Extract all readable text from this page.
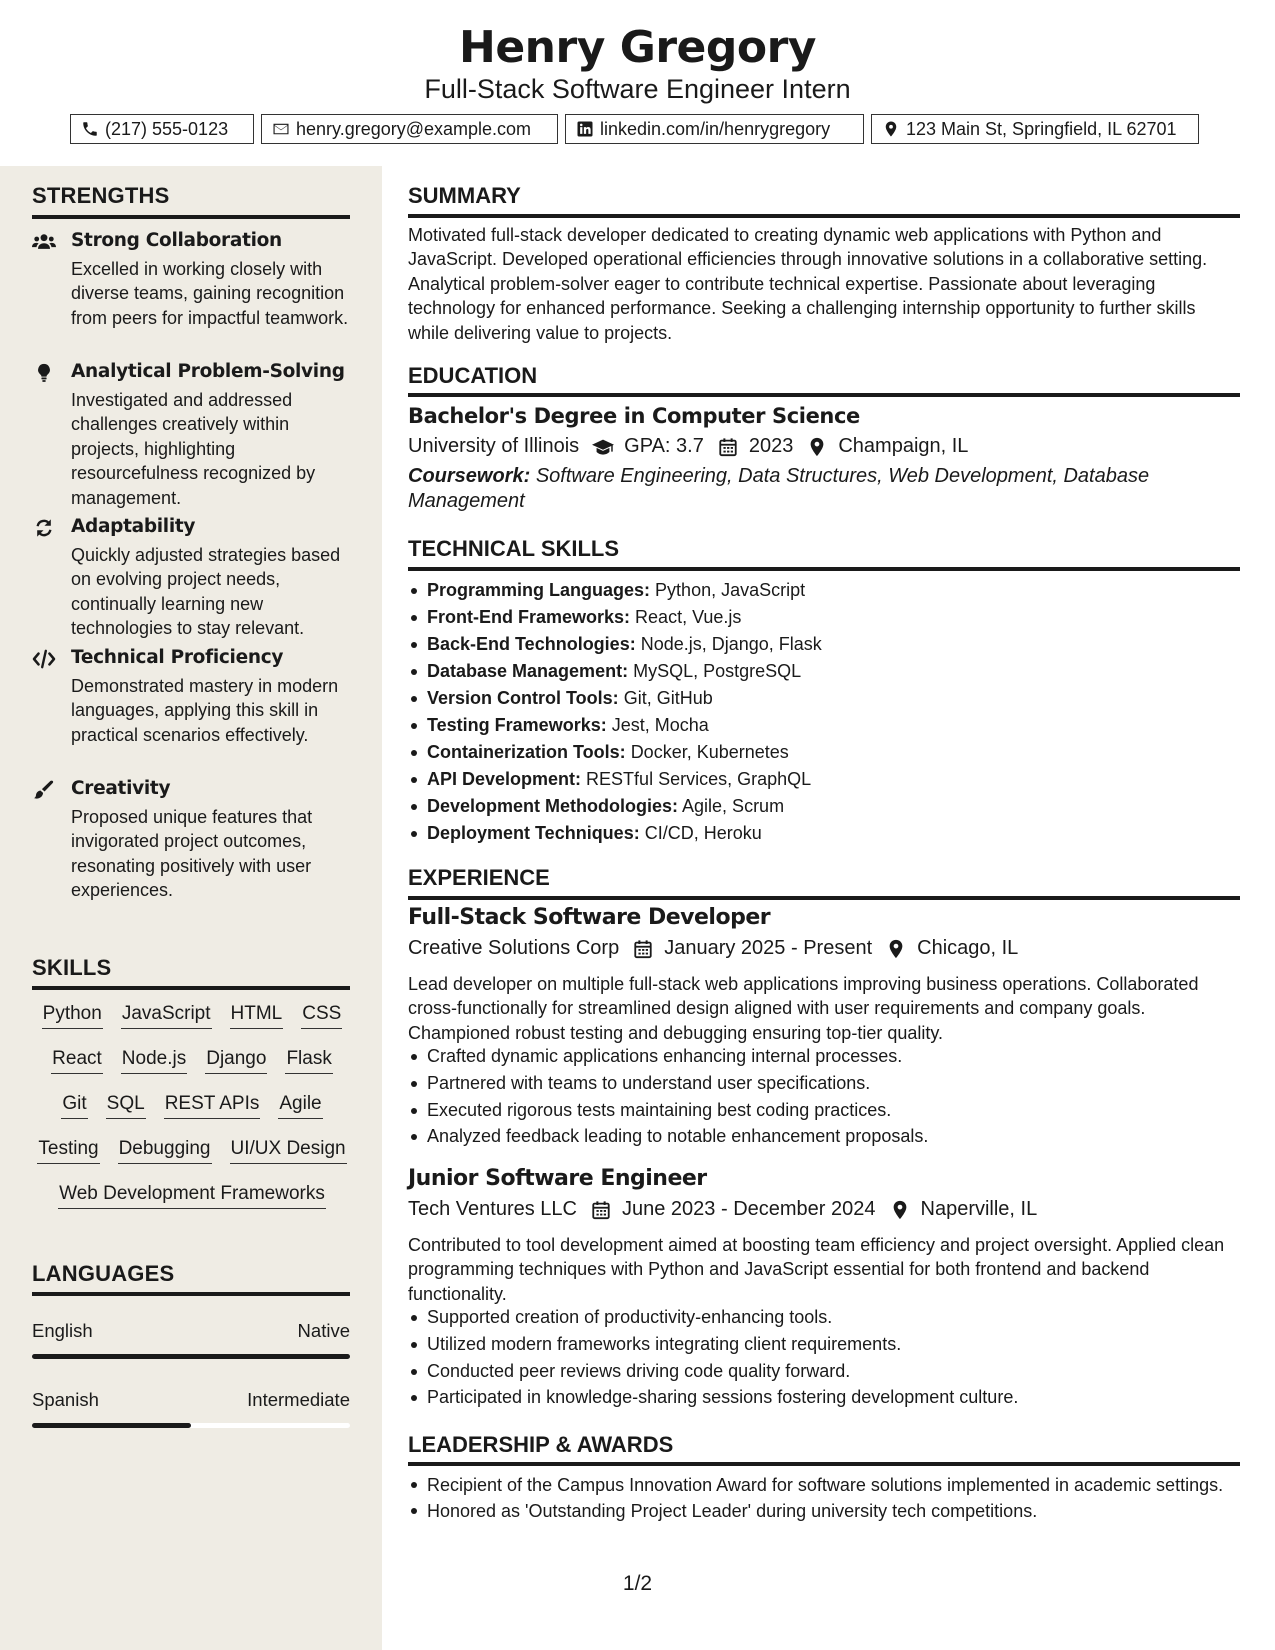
Henry Gregory
Full-Stack Software Engineer Intern
(217) 555-0123	henry.gregory@example.com	linkedin.com/in/henrygregory	123 Main St, Springfield, IL 62701
STRENGTHS
Strong Collaboration
Excelled in working closely with diverse teams, gaining recognition from peers for impactful teamwork.
Analytical Problem-Solving
Investigated and addressed challenges creatively within projects, highlighting resourcefulness recognized by management.
Adaptability
Quickly adjusted strategies based on evolving project needs, continually learning new technologies to stay relevant.
Technical Proficiency
Demonstrated mastery in modern languages, applying this skill in practical scenarios effectively.
Creativity
Proposed unique features that invigorated project outcomes, resonating positively with user experiences.
SKILLS
Python JavaScript HTML CSS
React Node.js Django Flask
Git SQL REST APIs Agile
Testing Debugging UI/UX Design
Web Development Frameworks
LANGUAGES
English	Native
Spanish	Intermediate
SUMMARY
Motivated full-stack developer dedicated to creating dynamic web applications with Python and JavaScript. Developed operational efficiencies through innovative solutions in a collaborative setting. Analytical problem-solver eager to contribute technical expertise. Passionate about leveraging technology for enhanced performance. Seeking a challenging internship opportunity to further skills while delivering value to projects.
EDUCATION
Bachelor's Degree in Computer Science
University of Illinois GPA: 3.7 2023 Champaign, IL
Coursework: Software Engineering, Data Structures, Web Development, Database Management
TECHNICAL SKILLS
Programming Languages: Python, JavaScript
Front-End Frameworks: React, Vue.js
Back-End Technologies: Node.js, Django, Flask
Database Management: MySQL, PostgreSQL
Version Control Tools: Git, GitHub
Testing Frameworks: Jest, Mocha
Containerization Tools: Docker, Kubernetes
API Development: RESTful Services, GraphQL
Development Methodologies: Agile, Scrum
Deployment Techniques: CI/CD, Heroku
EXPERIENCE
Full-Stack Software Developer
Creative Solutions Corp January 2025 - Present Chicago, IL
Lead developer on multiple full-stack web applications improving business operations. Collaborated cross-functionally for streamlined design aligned with user requirements and company goals. Championed robust testing and debugging ensuring top-tier quality.
Crafted dynamic applications enhancing internal processes.
Partnered with teams to understand user specifications.
Executed rigorous tests maintaining best coding practices.
Analyzed feedback leading to notable enhancement proposals.
Junior Software Engineer
Tech Ventures LLC June 2023 - December 2024 Naperville, IL
Contributed to tool development aimed at boosting team efficiency and project oversight. Applied clean programming techniques with Python and JavaScript essential for both frontend and backend functionality.
Supported creation of productivity-enhancing tools.
Utilized modern frameworks integrating client requirements.
Conducted peer reviews driving code quality forward.
Participated in knowledge-sharing sessions fostering development culture.
LEADERSHIP & AWARDS
Recipient of the Campus Innovation Award for software solutions implemented in academic settings.
Honored as 'Outstanding Project Leader' during university tech competitions.
1/2
